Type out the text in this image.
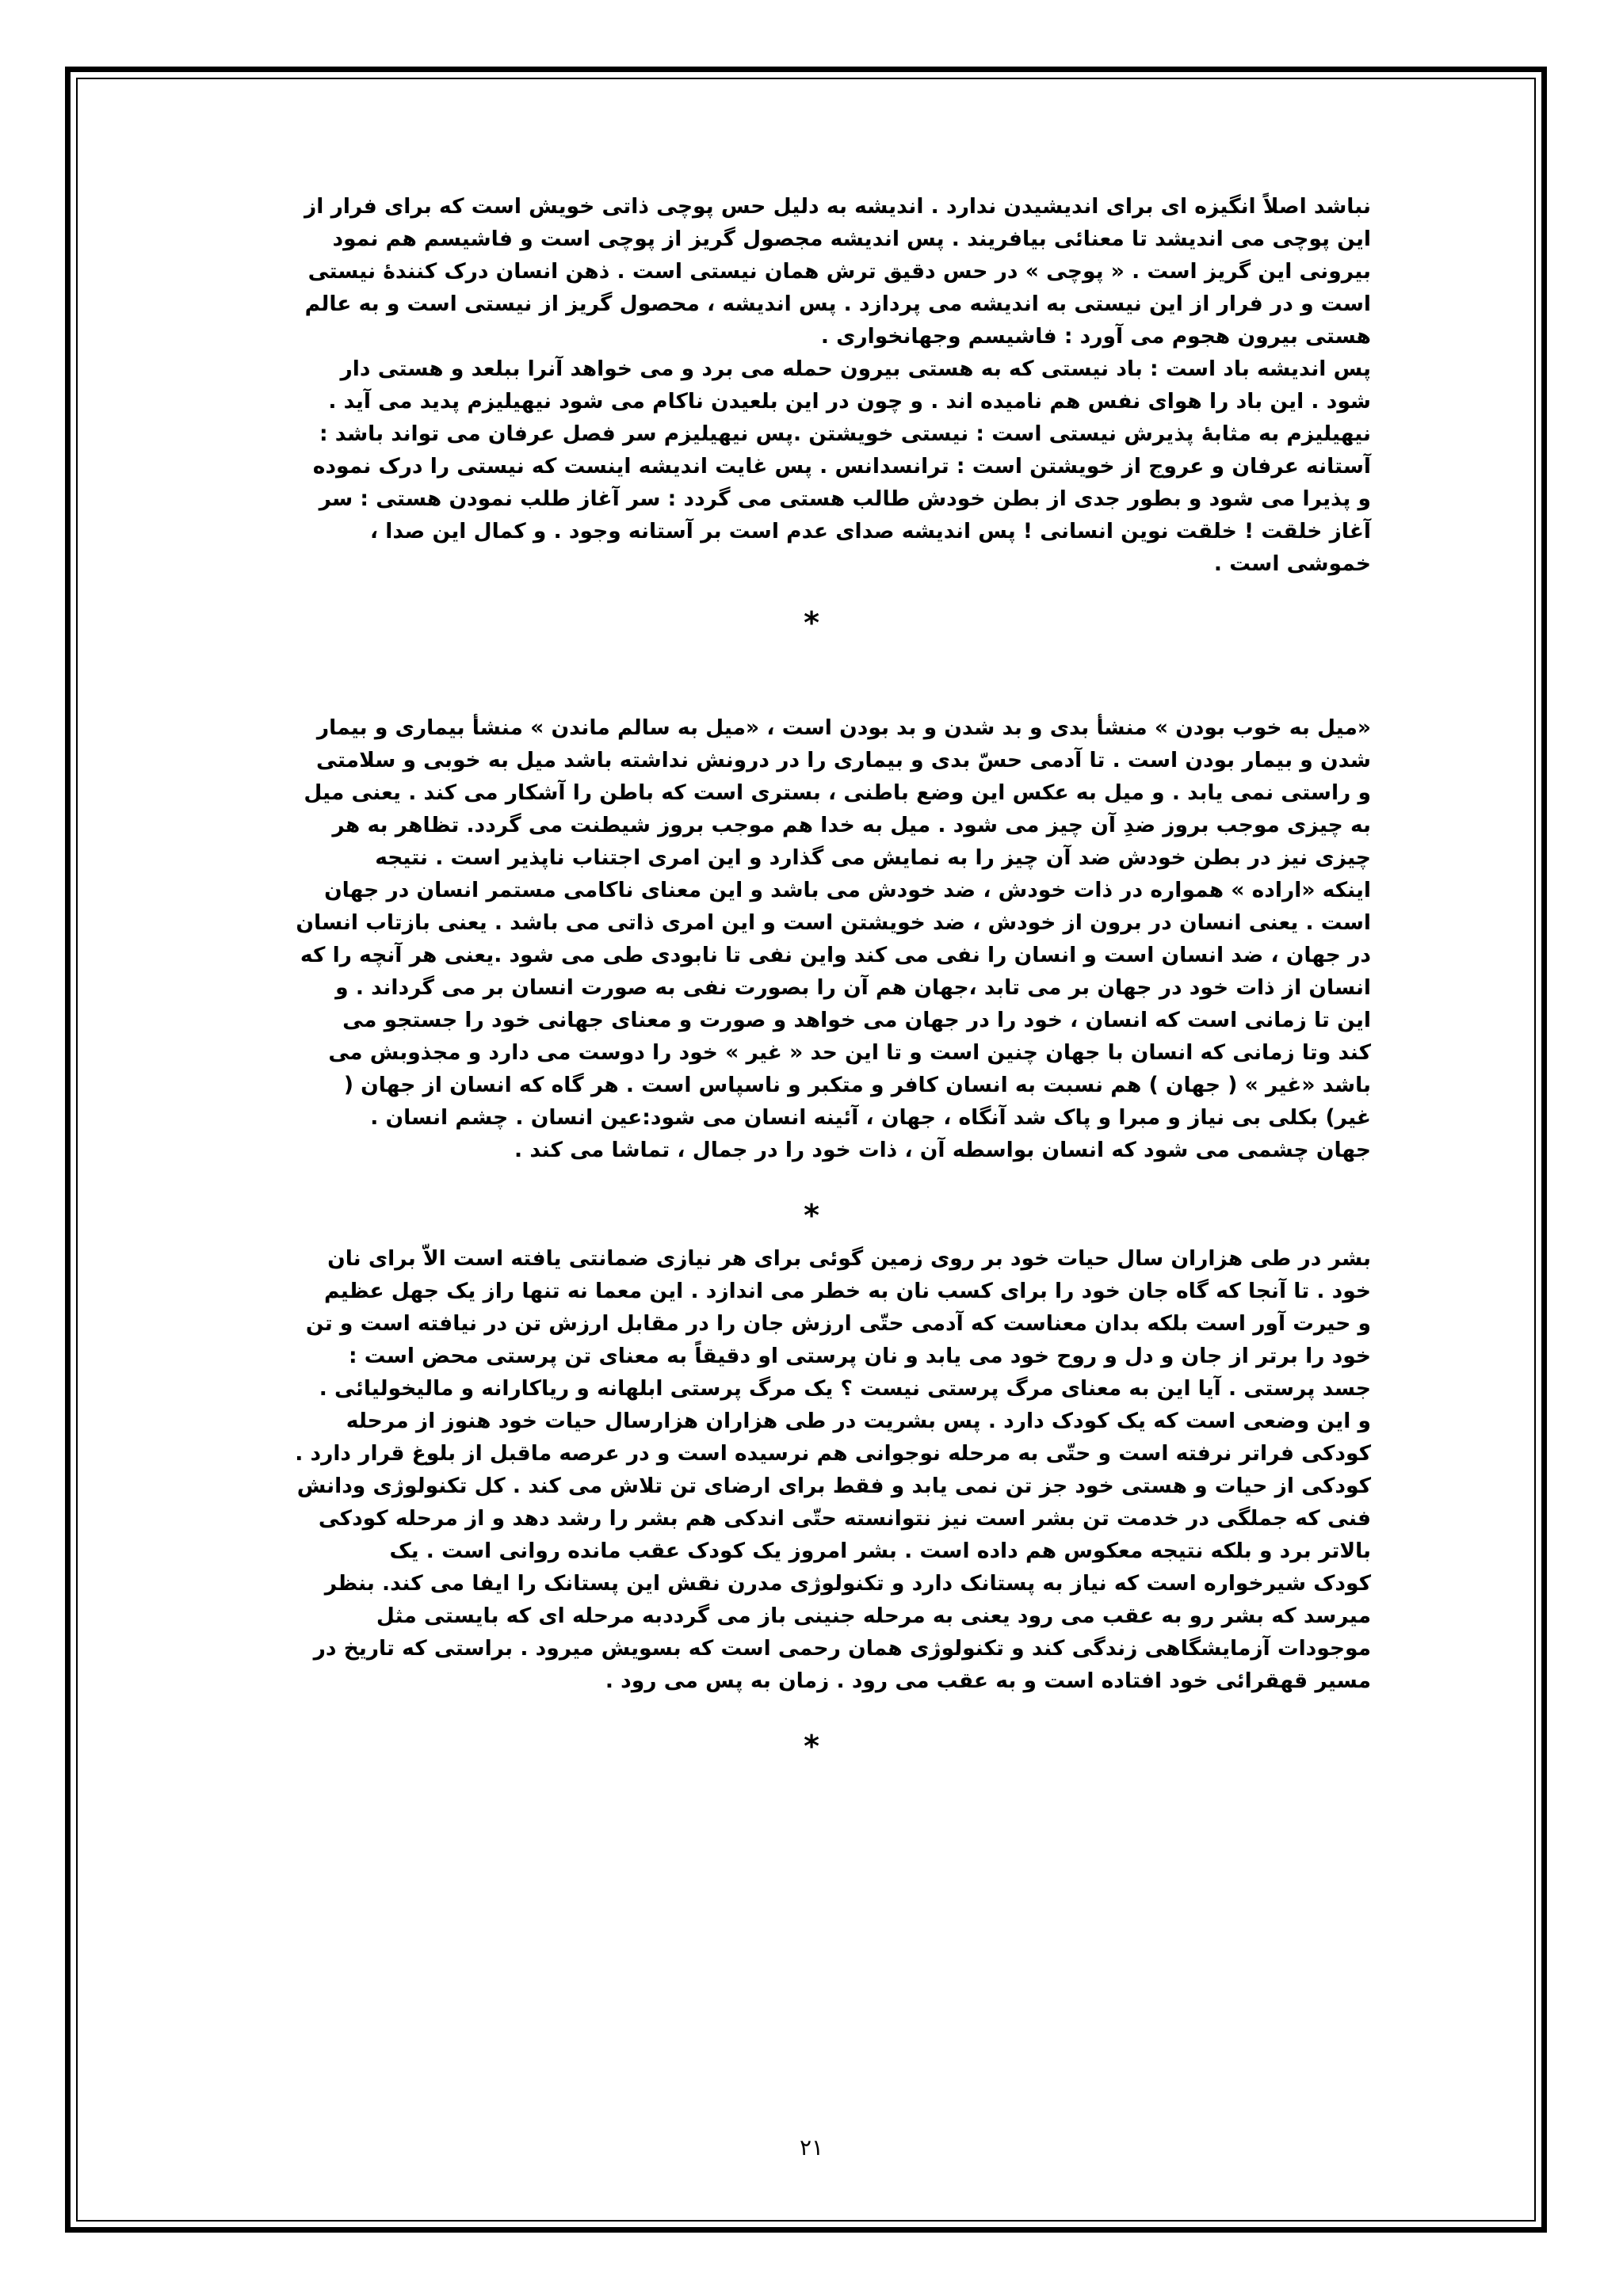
نباشد اصلاً انگیزه ای برای اندیشیدن ندارد . اندیشه به دلیل حس پوچی ذاتی خویش است که برای فرار از
این پوچی می اندیشد تا معنائی بیافریند . پس اندیشه مجصول گریز از پوچی است و فاشیسم هم نمود
بیرونی این گریز است . « پوچی » در حس دقیق ترش همان نیستی است . ذهن انسان درک کنندهٔ نیستی
است و در فرار از این نیستی به اندیشه می پردازد . پس اندیشه ، محصول گریز از نیستی است و به عالم
هستی بیرون هجوم می آورد : فاشیسم وجهانخواری .

پس اندیشه باد است : باد نیستی که به هستی بیرون حمله می برد و می خواهد آنرا ببلعد و هستی دار
شود . این باد را هوای نفس هم نامیده اند . و چون در این بلعیدن ناکام می شود نیهیلیزم پدید می آید .
نیهیلیزم به مثابهٔ پذیرش نیستی است : نیستی خویشتن .پس نیهیلیزم سر فصل عرفان می تواند باشد :
آستانه عرفان و عروج از خویشتن است : ترانسدانس . پس غایت اندیشه اینست که نیستی را درک نموده
و پذیرا می شود و بطور جدی از بطن خودش طالب هستی می گردد : سر آغاز طلب نمودن هستی : سر
آغاز خلقت ! خلقت نوین انسانی ! پس اندیشه صدای عدم است بر آستانه وجود . و کمال این صدا ،
خموشی است .

*

«میل به خوب بودن » منشأ بدی و بد شدن و بد بودن است ، «میل به سالم ماندن » منشأ بیماری و بیمار
شدن و بیمار بودن است . تا آدمی حسّ بدی و بیماری را در درونش نداشته باشد میل به خوبی و سلامتی
و راستی نمی یابد . و میل به عکس این وضع باطنی ، بستری است که باطن را آشکار می کند . یعنی میل
به چیزی موجب بروز ضدِ آن چیز می شود . میل به خدا هم موجب بروز شیطنت می گردد. تظاهر به هر
چیزی نیز در بطن خودش ضد آن چیز را به نمایش می گذارد و این امری اجتناب ناپذیر است . نتیجه
اینکه «اراده » همواره در ذات خودش ، ضد خودش می باشد و این معنای ناکامی مستمر انسان در جهان
است . یعنی انسان در برون از خودش ، ضد خویشتن است و این امری ذاتی می باشد . یعنی بازتاب انسان
در جهان ، ضد انسان است و انسان را نفی می کند واین نفی تا نابودی طی می شود .یعنی هر آنچه را که
انسان از ذات خود در جهان بر می تابد ،جهان هم آن را بصورت نفی به صورت انسان بر می گرداند . و
این تا زمانی است که انسان ، خود را در جهان می خواهد و صورت و معنای جهانی خود را جستجو می
کند وتا زمانی که انسان با جهان چنین است و تا این حد « غیر » خود را دوست می دارد و مجذوبش می
باشد «غیر » ( جهان ) هم نسبت به انسان کافر و متکبر و ناسپاس است . هر گاه که انسان از جهان (
غیر) بکلی بی نیاز و مبرا و پاک شد آنگاه ، جهان ، آئینه انسان می شود:عین انسان . چشم انسان .
جهان چشمی می شود که انسان بواسطه آن ، ذات خود را در جمال ، تماشا می کند .

*

بشر در طی هزاران سال حیات خود بر روی زمین گوئی برای هر نیازی ضمانتی یافته است الاّ برای نان
خود . تا آنجا که گاه جان خود را برای کسب نان به خطر می اندازد . این معما نه تنها راز یک جهل عظیم
و حیرت آور است بلکه بدان معناست که آدمی حتّی ارزش جان را در مقابل ارزش تن در نیافته است و تن
خود را برتر از جان و دل و روح خود می یابد و نان پرستی او دقیقاً به معنای تن پرستی محض است :
جسد پرستی . آیا این به معنای مرگ پرستی نیست ؟ یک مرگ پرستی ابلهانه و ریاکارانه و مالیخولیائی .
و این وضعی است که یک کودک دارد . پس بشریت در طی هزاران هزارسال حیات خود هنوز از مرحله
کودکی فراتر نرفته است و حتّی به مرحله نوجوانی هم نرسیده است و در عرصه ماقبل از بلوغ قرار دارد .
کودکی از حیات و هستی خود جز تن نمی یابد و فقط برای ارضای تن تلاش می کند . کل تکنولوژی ودانش
فنی که جملگی در خدمت تن بشر است نیز نتوانسته حتّی اندکی هم بشر را رشد دهد و از مرحله کودکی
بالاتر برد و بلکه نتیجه معکوس هم داده است . بشر امروز یک کودک عقب مانده روانی است . یک
کودک شیرخواره است که نیاز به پستانک دارد و تکنولوژی مدرن نقش این پستانک را ایفا می کند. بنظر
میرسد که بشر رو به عقب می رود یعنی به مرحله جنینی باز می گرددبه مرحله ای که بایستی مثل
موجودات آزمایشگاهی زندگی کند و تکنولوژی همان رحمی است که بسویش میرود . براستی که تاریخ در
مسیر قهقرائی خود افتاده است و به عقب می رود . زمان به پس می رود .

*

۲۱
